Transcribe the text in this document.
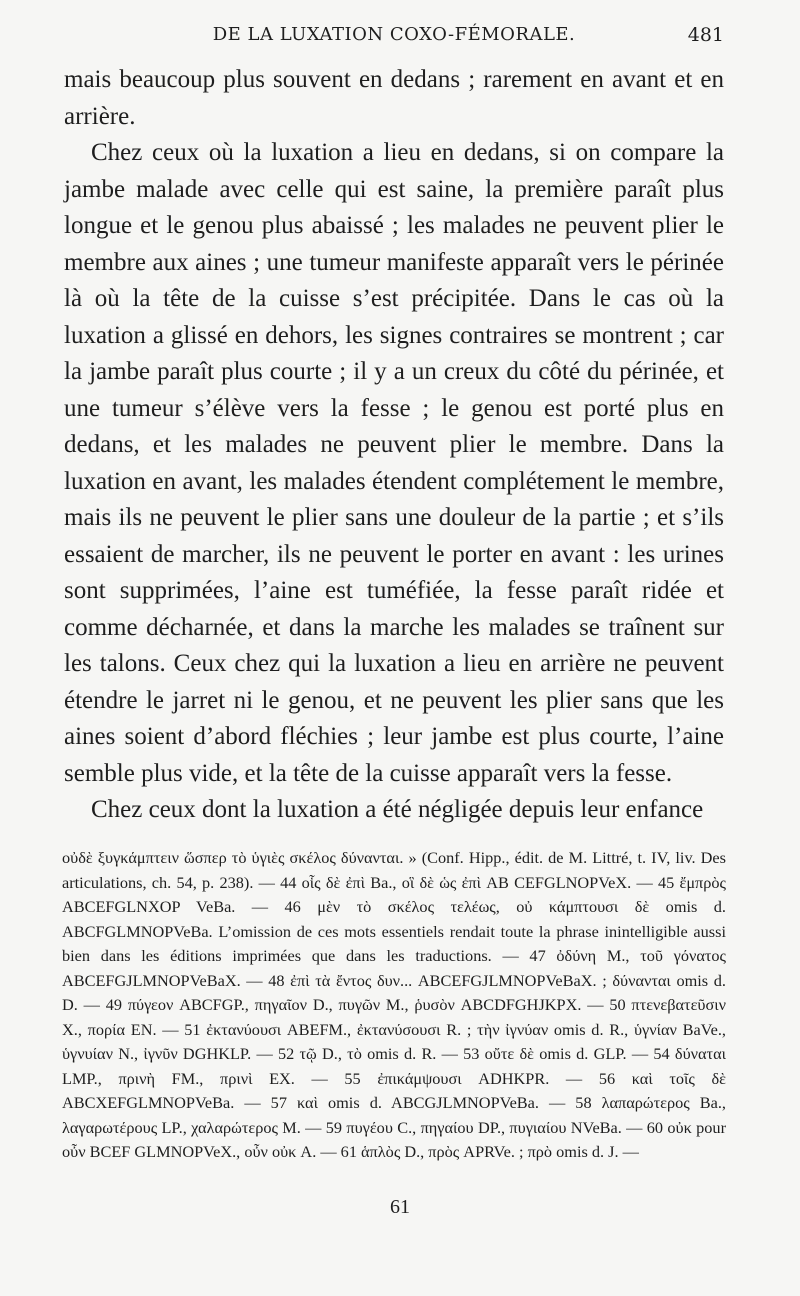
DE LA LUXATION COXO-FÉMORALE.	481

mais beaucoup plus souvent en dedans ; rarement en avant et en arrière.

Chez ceux où la luxation a lieu en dedans, si on compare la jambe malade avec celle qui est saine, la première paraît plus longue et le genou plus abaissé ; les malades ne peuvent plier le membre aux aines ; une tumeur manifeste apparaît vers le périnée là où la tête de la cuisse s’est précipitée. Dans le cas où la luxation a glissé en dehors, les signes contraires se montrent ; car la jambe paraît plus courte ; il y a un creux du côté du périnée, et une tumeur s’élève vers la fesse ; le genou est porté plus en dedans, et les malades ne peuvent plier le membre. Dans la luxation en avant, les malades étendent complétement le membre, mais ils ne peuvent le plier sans une douleur de la partie ; et s’ils essaient de marcher, ils ne peuvent le porter en avant : les urines sont supprimées, l’aine est tuméfiée, la fesse paraît ridée et comme décharnée, et dans la marche les malades se traînent sur les talons. Ceux chez qui la luxation a lieu en arrière ne peuvent étendre le jarret ni le genou, et ne peuvent les plier sans que les aines soient d’abord fléchies ; leur jambe est plus courte, l’aine semble plus vide, et la tête de la cuisse apparaît vers la fesse.

Chez ceux dont la luxation a été négligée depuis leur enfance

οὐδὲ ξυγκάμπτειν ὥσπερ τὸ ὑγιὲς σκέλος δύνανται. » (Conf. Hipp., édit. de M. Littré, t. IV, liv. Des articulations, ch. 54, p. 238). — 44 οἷς δὲ ἐπὶ Ba., οἳ δὲ ὡς ἐπὶ AB CEFGLNOPVeX. — 45 ἔμπρὸς ABCEFGLNXOP VeBa. — 46 μὲν τὸ σκέλος τελέως, οὐ κάμπτουσι δὲ omis d. ABCFGLMNOPVeBa. L’omission de ces mots essentiels rendait toute la phrase inintelligible aussi bien dans les éditions imprimées que dans les traductions. — 47 ὀδύνη M., τοῦ γόνατος ABCEFGJLMNOPVeBaX. — 48 ἐπὶ τὰ ἔντος δυν... ABCEFGJLMNOPVeBaX. ; δύνανται omis d. D. — 49 πύγεον ABCFGP., πηγαῖον D., πυγῶν M., ῥυσὸν ABCDFGHJKPX. — 50 πτενεβατεῦσιν X., πορία EN. — 51 ἐκτανύουσι ABEFM., ἐκτανύσουσι R. ; τὴν ἰγνύαν omis d. R., ὑγνίαν BaVe., ὑγνυίαν N., ἰγνῦν DGHKLP. — 52 τῷ D., τὸ omis d. R. — 53 οὔτε δὲ omis d. GLP. — 54 δύναται LMP., πρινὴ FM., πρινὶ EX. — 55 ἐπικάμψουσι ADHKPR. — 56 καὶ τοῖς δὲ ABCXEFGLMNOPVeBa. — 57 καὶ omis d. ABCGJLMNOPVeBa. — 58 λαπαρώτερος Ba., λαγαρωτέρους LP., χαλαρώτερος M. — 59 πυγέου C., πηγαίου DP., πυγιαίου NVeBa. — 60 οὐκ pour οὖν BCEF GLMNOPVeX., οὖν οὐκ A. — 61 ἁπλὸς D., πρὸς APRVe. ; πρὸ omis d. J. —

61
